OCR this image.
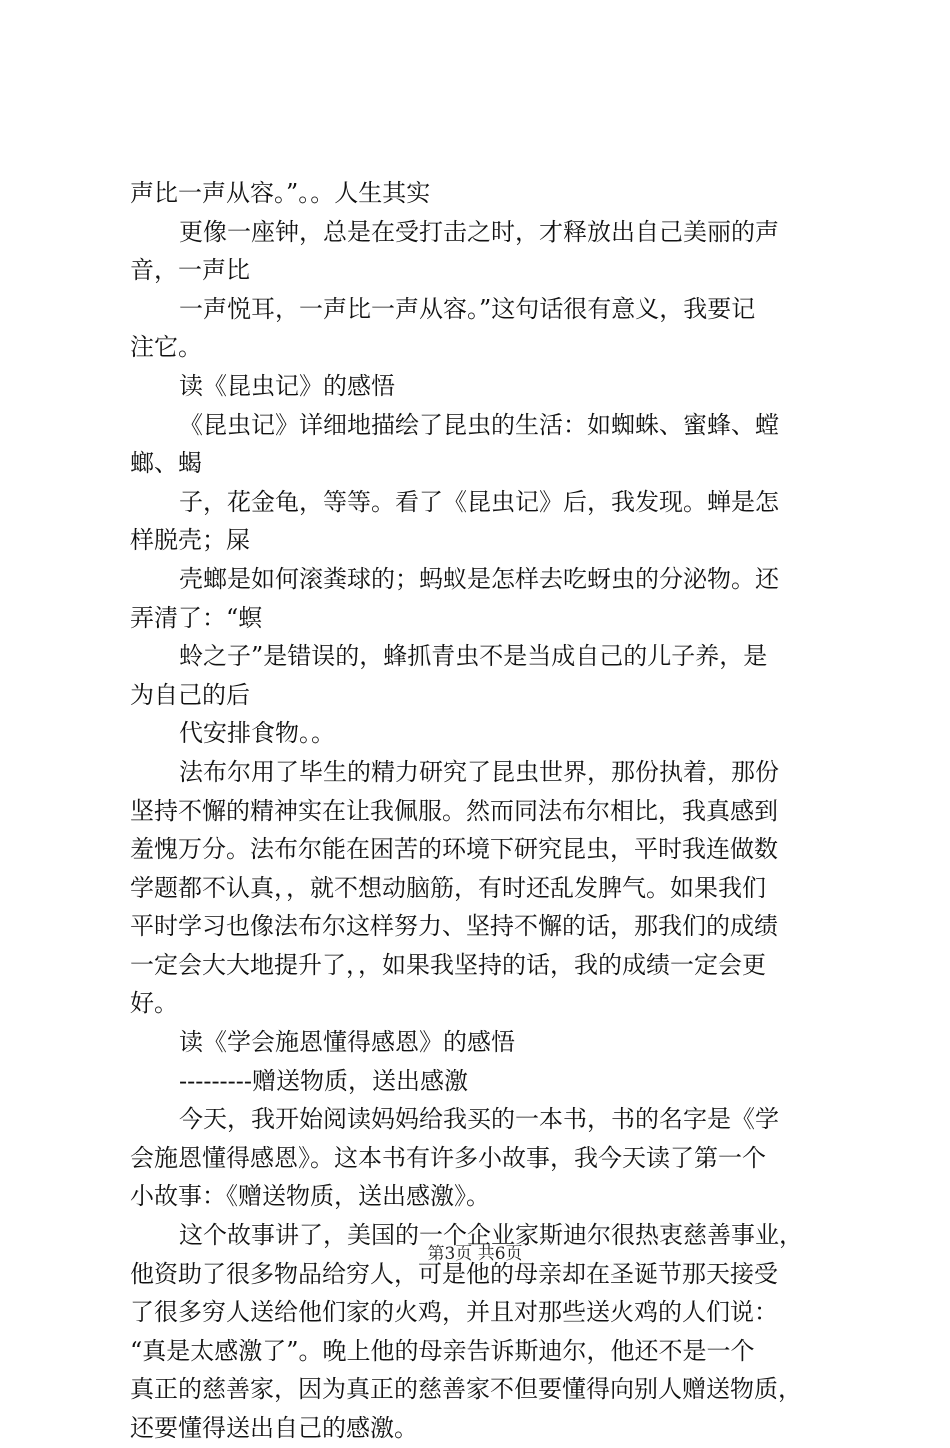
声比一声从容。”。。人生其实
更像一座钟，总是在受打击之时，才释放出自己美丽的声
音，一声比
一声悦耳，一声比一声从容。”这句话很有意义，我要记
注它。
读《昆虫记》的感悟
《昆虫记》详细地描绘了昆虫的生活：如蜘蛛、蜜蜂、螳
螂、蝎
子，花金龟，等等。看了《昆虫记》后，我发现。蝉是怎
样脱壳；屎
壳螂是如何滚粪球的；蚂蚁是怎样去吃蚜虫的分泌物。还
弄清了：“螟
蛉之子”是错误的，蜂抓青虫不是当成自己的儿子养，是
为自己的后
代安排食物。。
法布尔用了毕生的精力研究了昆虫世界，那份执着，那份
坚持不懈的精神实在让我佩服。然而同法布尔相比，我真感到
羞愧万分。法布尔能在困苦的环境下研究昆虫，平时我连做数
学题都不认真，，就不想动脑筋，有时还乱发脾气。如果我们
平时学习也像法布尔这样努力、坚持不懈的话，那我们的成绩
一定会大大地提升了，，如果我坚持的话，我的成绩一定会更
好。
读《学会施恩懂得感恩》的感悟
---------赠送物质，送出感激
今天，我开始阅读妈妈给我买的一本书，书的名字是《学
会施恩懂得感恩》。这本书有许多小故事，我今天读了第一个
小故事：《赠送物质，送出感激》。
这个故事讲了，美国的一个企业家斯迪尔很热衷慈善事业，
他资助了很多物品给穷人，可是他的母亲却在圣诞节那天接受
了很多穷人送给他们家的火鸡，并且对那些送火鸡的人们说：
“真是太感激了”。晚上他的母亲告诉斯迪尔，他还不是一个
真正的慈善家，因为真正的慈善家不但要懂得向别人赠送物质，
还要懂得送出自己的感激。
第3页 共6页
